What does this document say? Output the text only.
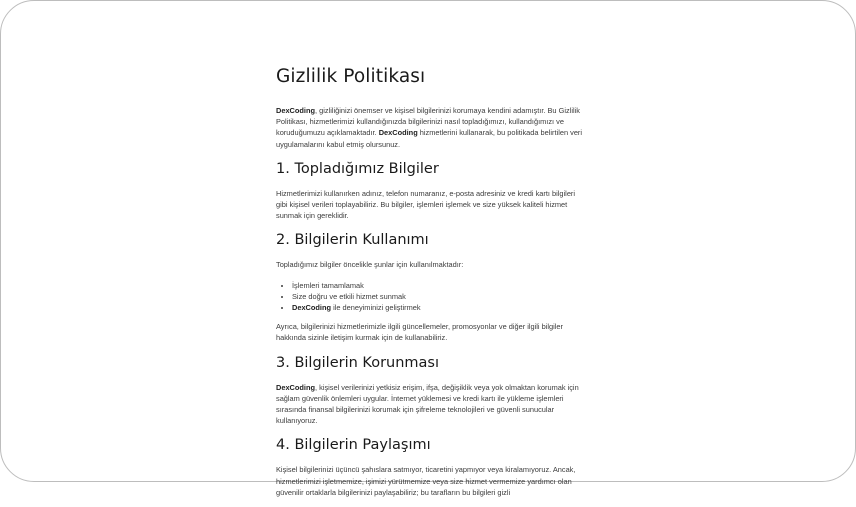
Gizlilik Politikası

DexCoding, gizliliğinizi önemser ve kişisel bilgilerinizi korumaya kendini adamıştır. Bu Gizlilik Politikası, hizmetlerimizi kullandığınızda bilgilerinizi nasıl topladığımızı, kullandığımızı ve koruduğumuzu açıklamaktadır. DexCoding hizmetlerini kullanarak, bu politikada belirtilen veri uygulamalarını kabul etmiş olursunuz.

1. Topladığımız Bilgiler

Hizmetlerimizi kullanırken adınız, telefon numaranız, e-posta adresiniz ve kredi kartı bilgileri gibi kişisel verileri toplayabiliriz. Bu bilgiler, işlemleri işlemek ve size yüksek kaliteli hizmet sunmak için gereklidir.

2. Bilgilerin Kullanımı

Topladığımız bilgiler öncelikle şunlar için kullanılmaktadır:

• İşlemleri tamamlamak
• Size doğru ve etkili hizmet sunmak
• DexCoding ile deneyiminizi geliştirmek

Ayrıca, bilgilerinizi hizmetlerimizle ilgili güncellemeler, promosyonlar ve diğer ilgili bilgiler hakkında sizinle iletişim kurmak için de kullanabiliriz.

3. Bilgilerin Korunması

DexCoding, kişisel verilerinizi yetkisiz erişim, ifşa, değişiklik veya yok olmaktan korumak için sağlam güvenlik önlemleri uygular. İnternet yüklemesi ve kredi kartı ile yükleme işlemleri sırasında finansal bilgilerinizi korumak için şifreleme teknolojileri ve güvenli sunucular kullanıyoruz.

4. Bilgilerin Paylaşımı

Kişisel bilgilerinizi üçüncü şahıslara satmıyor, ticaretini yapmıyor veya kiralamıyoruz. Ancak, hizmetlerimizi işletmemize, işimizi yürütmemize veya size hizmet vermemize yardımcı olan güvenilir ortaklarla bilgilerinizi paylaşabiliriz; bu tarafların bu bilgileri gizli
